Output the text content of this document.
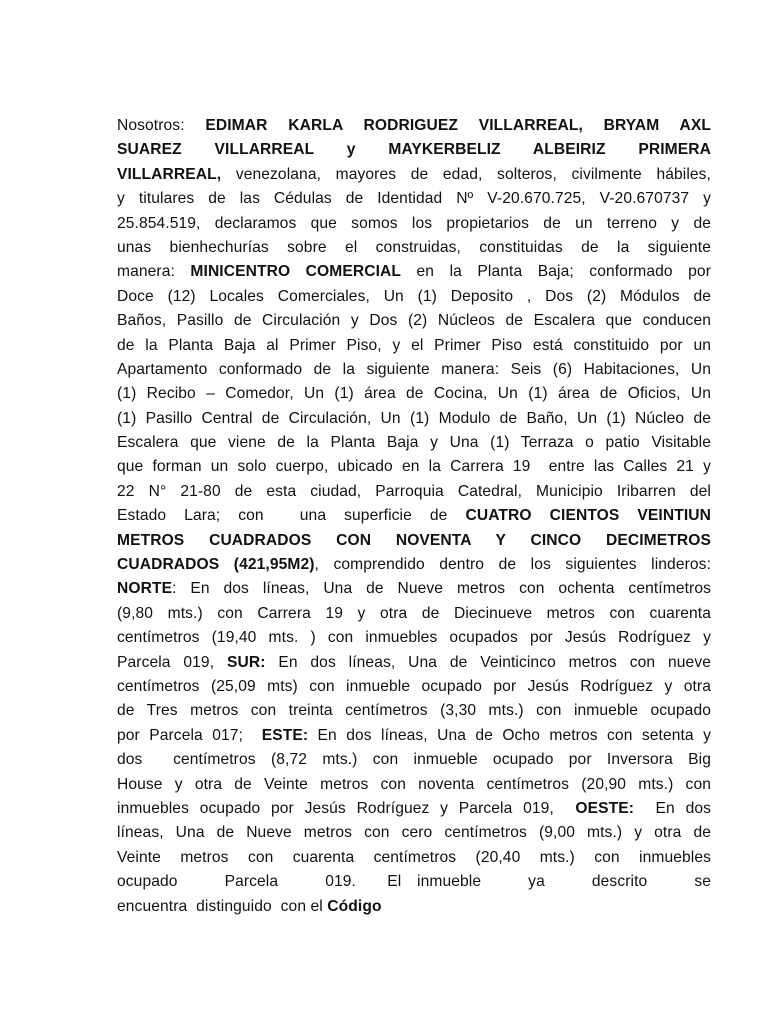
Nosotros: EDIMAR KARLA RODRIGUEZ VILLARREAL, BRYAM AXL
SUAREZ VILLARREAL y MAYKERBELIZ ALBEIRIZ PRIMERA
VILLARREAL, venezolana, mayores de edad, solteros, civilmente hábiles,
y titulares de las Cédulas de Identidad Nº V-20.670.725, V-20.670737 y
25.854.519, declaramos que somos los propietarios de un terreno y de
unas bienhechurías sobre el construidas, constituidas de la siguiente
manera: MINICENTRO COMERCIAL en la Planta Baja; conformado por
Doce (12) Locales Comerciales, Un (1) Deposito , Dos (2) Módulos de
Baños, Pasillo de Circulación y Dos (2) Núcleos de Escalera que conducen
de la Planta Baja al Primer Piso, y el Primer Piso está constituido por un
Apartamento conformado de la siguiente manera: Seis (6) Habitaciones, Un
(1) Recibo – Comedor, Un (1) área de Cocina, Un (1) área de Oficios, Un
(1) Pasillo Central de Circulación, Un (1) Modulo de Baño, Un (1) Núcleo de
Escalera que viene de la Planta Baja y Una (1) Terraza o patio Visitable
que forman un solo cuerpo, ubicado en la Carrera 19  entre las Calles 21 y
22 N° 21-80 de esta ciudad, Parroquia Catedral, Municipio Iribarren del
Estado Lara; con  una superficie de CUATRO CIENTOS VEINTIUN
METROS CUADRADOS CON NOVENTA Y CINCO DECIMETROS
CUADRADOS (421,95M2), comprendido dentro de los siguientes linderos:
NORTE: En dos líneas, Una de Nueve metros con ochenta centímetros
(9,80 mts.) con Carrera 19 y otra de Diecinueve metros con cuarenta
centímetros (19,40 mts. ) con inmuebles ocupados por Jesús Rodríguez y
Parcela 019, SUR: En dos líneas, Una de Veinticinco metros con nueve
centímetros (25,09 mts) con inmueble ocupado por Jesús Rodríguez y otra
de Tres metros con treinta centímetros (3,30 mts.) con inmueble ocupado
por Parcela 017;  ESTE: En dos líneas, Una de Ocho metros con setenta y
dos  centímetros (8,72 mts.) con inmueble ocupado por Inversora Big
House y otra de Veinte metros con noventa centímetros (20,90 mts.) con
inmuebles ocupado por Jesús Rodríguez y Parcela 019,  OESTE:  En dos
líneas, Una de Nueve metros con cero centímetros (9,00 mts.) y otra de
Veinte metros con cuarenta centímetros (20,40 mts.) con inmuebles
ocupado   Parcela   019.  El inmueble   ya   descrito   se
encuentra  distinguido  con el Código
